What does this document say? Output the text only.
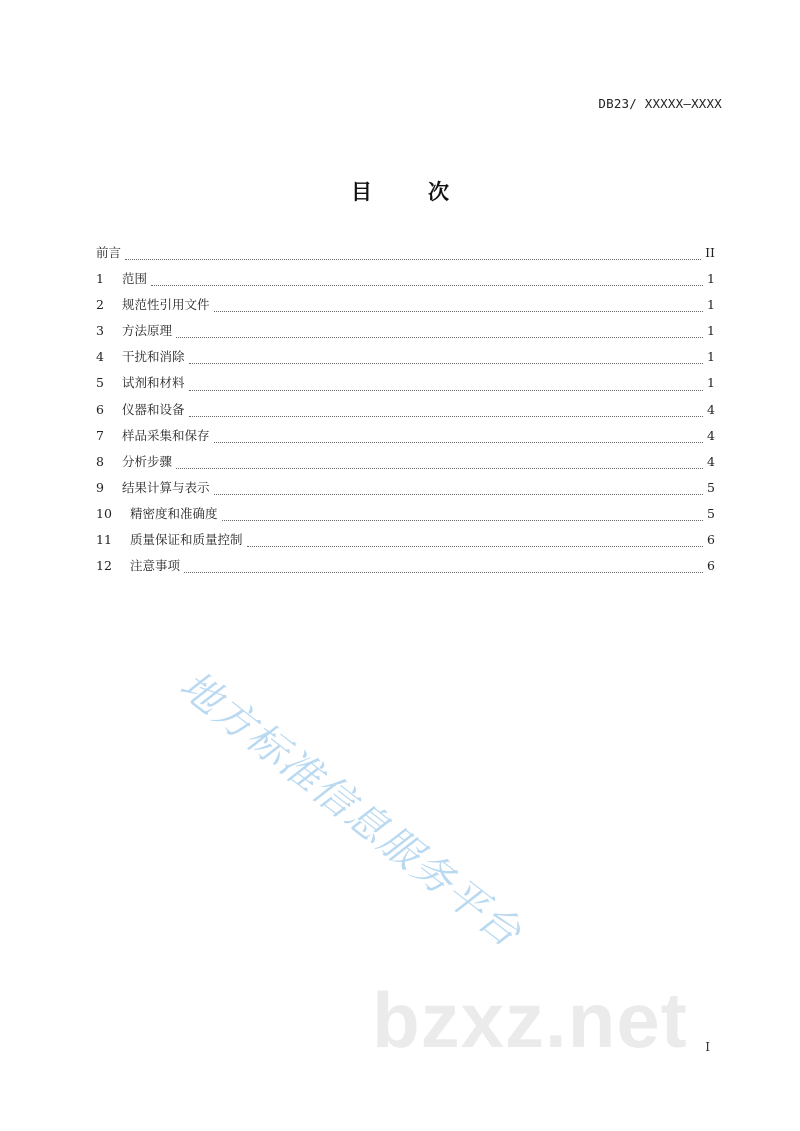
DB23/ XXXXX—XXXX
目	次
前言	II
1	范围	1
2	规范性引用文件	1
3	方法原理	1
4	干扰和消除	1
5	试剂和材料	1
6	仪器和设备	4
7	样品采集和保存	4
8	分析步骤	4
9	结果计算与表示	5
10	精密度和准确度	5
11	质量保证和质量控制	6
12	注意事项	6
地方标准信息服务平台
bzxz.net I
